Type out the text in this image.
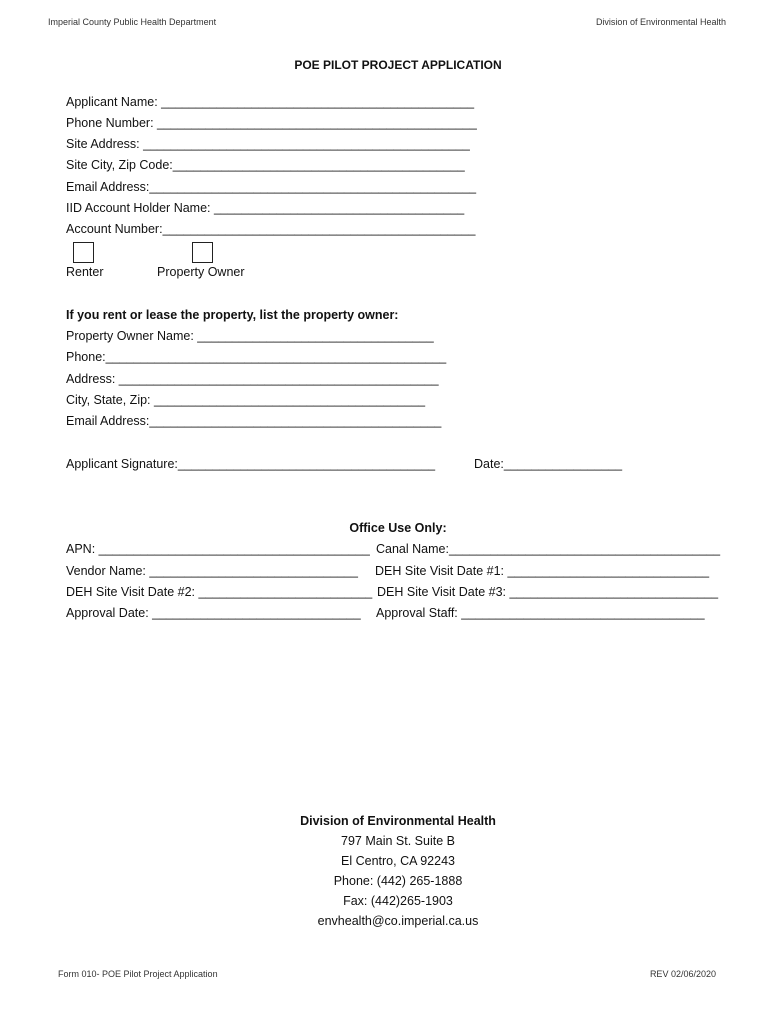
Imperial County Public Health Department	Division of Environmental Health
POE PILOT PROJECT APPLICATION
Applicant Name: _____________________________________________
Phone Number: ______________________________________________
Site Address: _______________________________________________
Site City, Zip Code:__________________________________________
Email Address:_______________________________________________
IID Account Holder Name: ____________________________________
Account Number:_____________________________________________
Renter	Property Owner
If you rent or lease the property, list the property owner:
Property Owner Name: __________________________________
Phone:_________________________________________________
Address: ______________________________________________
City, State, Zip: _______________________________________
Email Address:__________________________________________
Applicant Signature:_____________________________________	Date:_________________
Office Use Only:
APN: _______________________________________ Canal Name:_______________________________________
Vendor Name: ______________________________ DEH Site Visit Date #1: _____________________________
DEH Site Visit Date #2: _________________________ DEH Site Visit Date #3: ______________________________
Approval Date: ______________________________ Approval Staff: ___________________________________
Division of Environmental Health
797 Main St. Suite B
El Centro, CA 92243
Phone: (442) 265-1888
Fax: (442)265-1903
envhealth@co.imperial.ca.us
Form 010- POE Pilot Project Application	REV 02/06/2020
